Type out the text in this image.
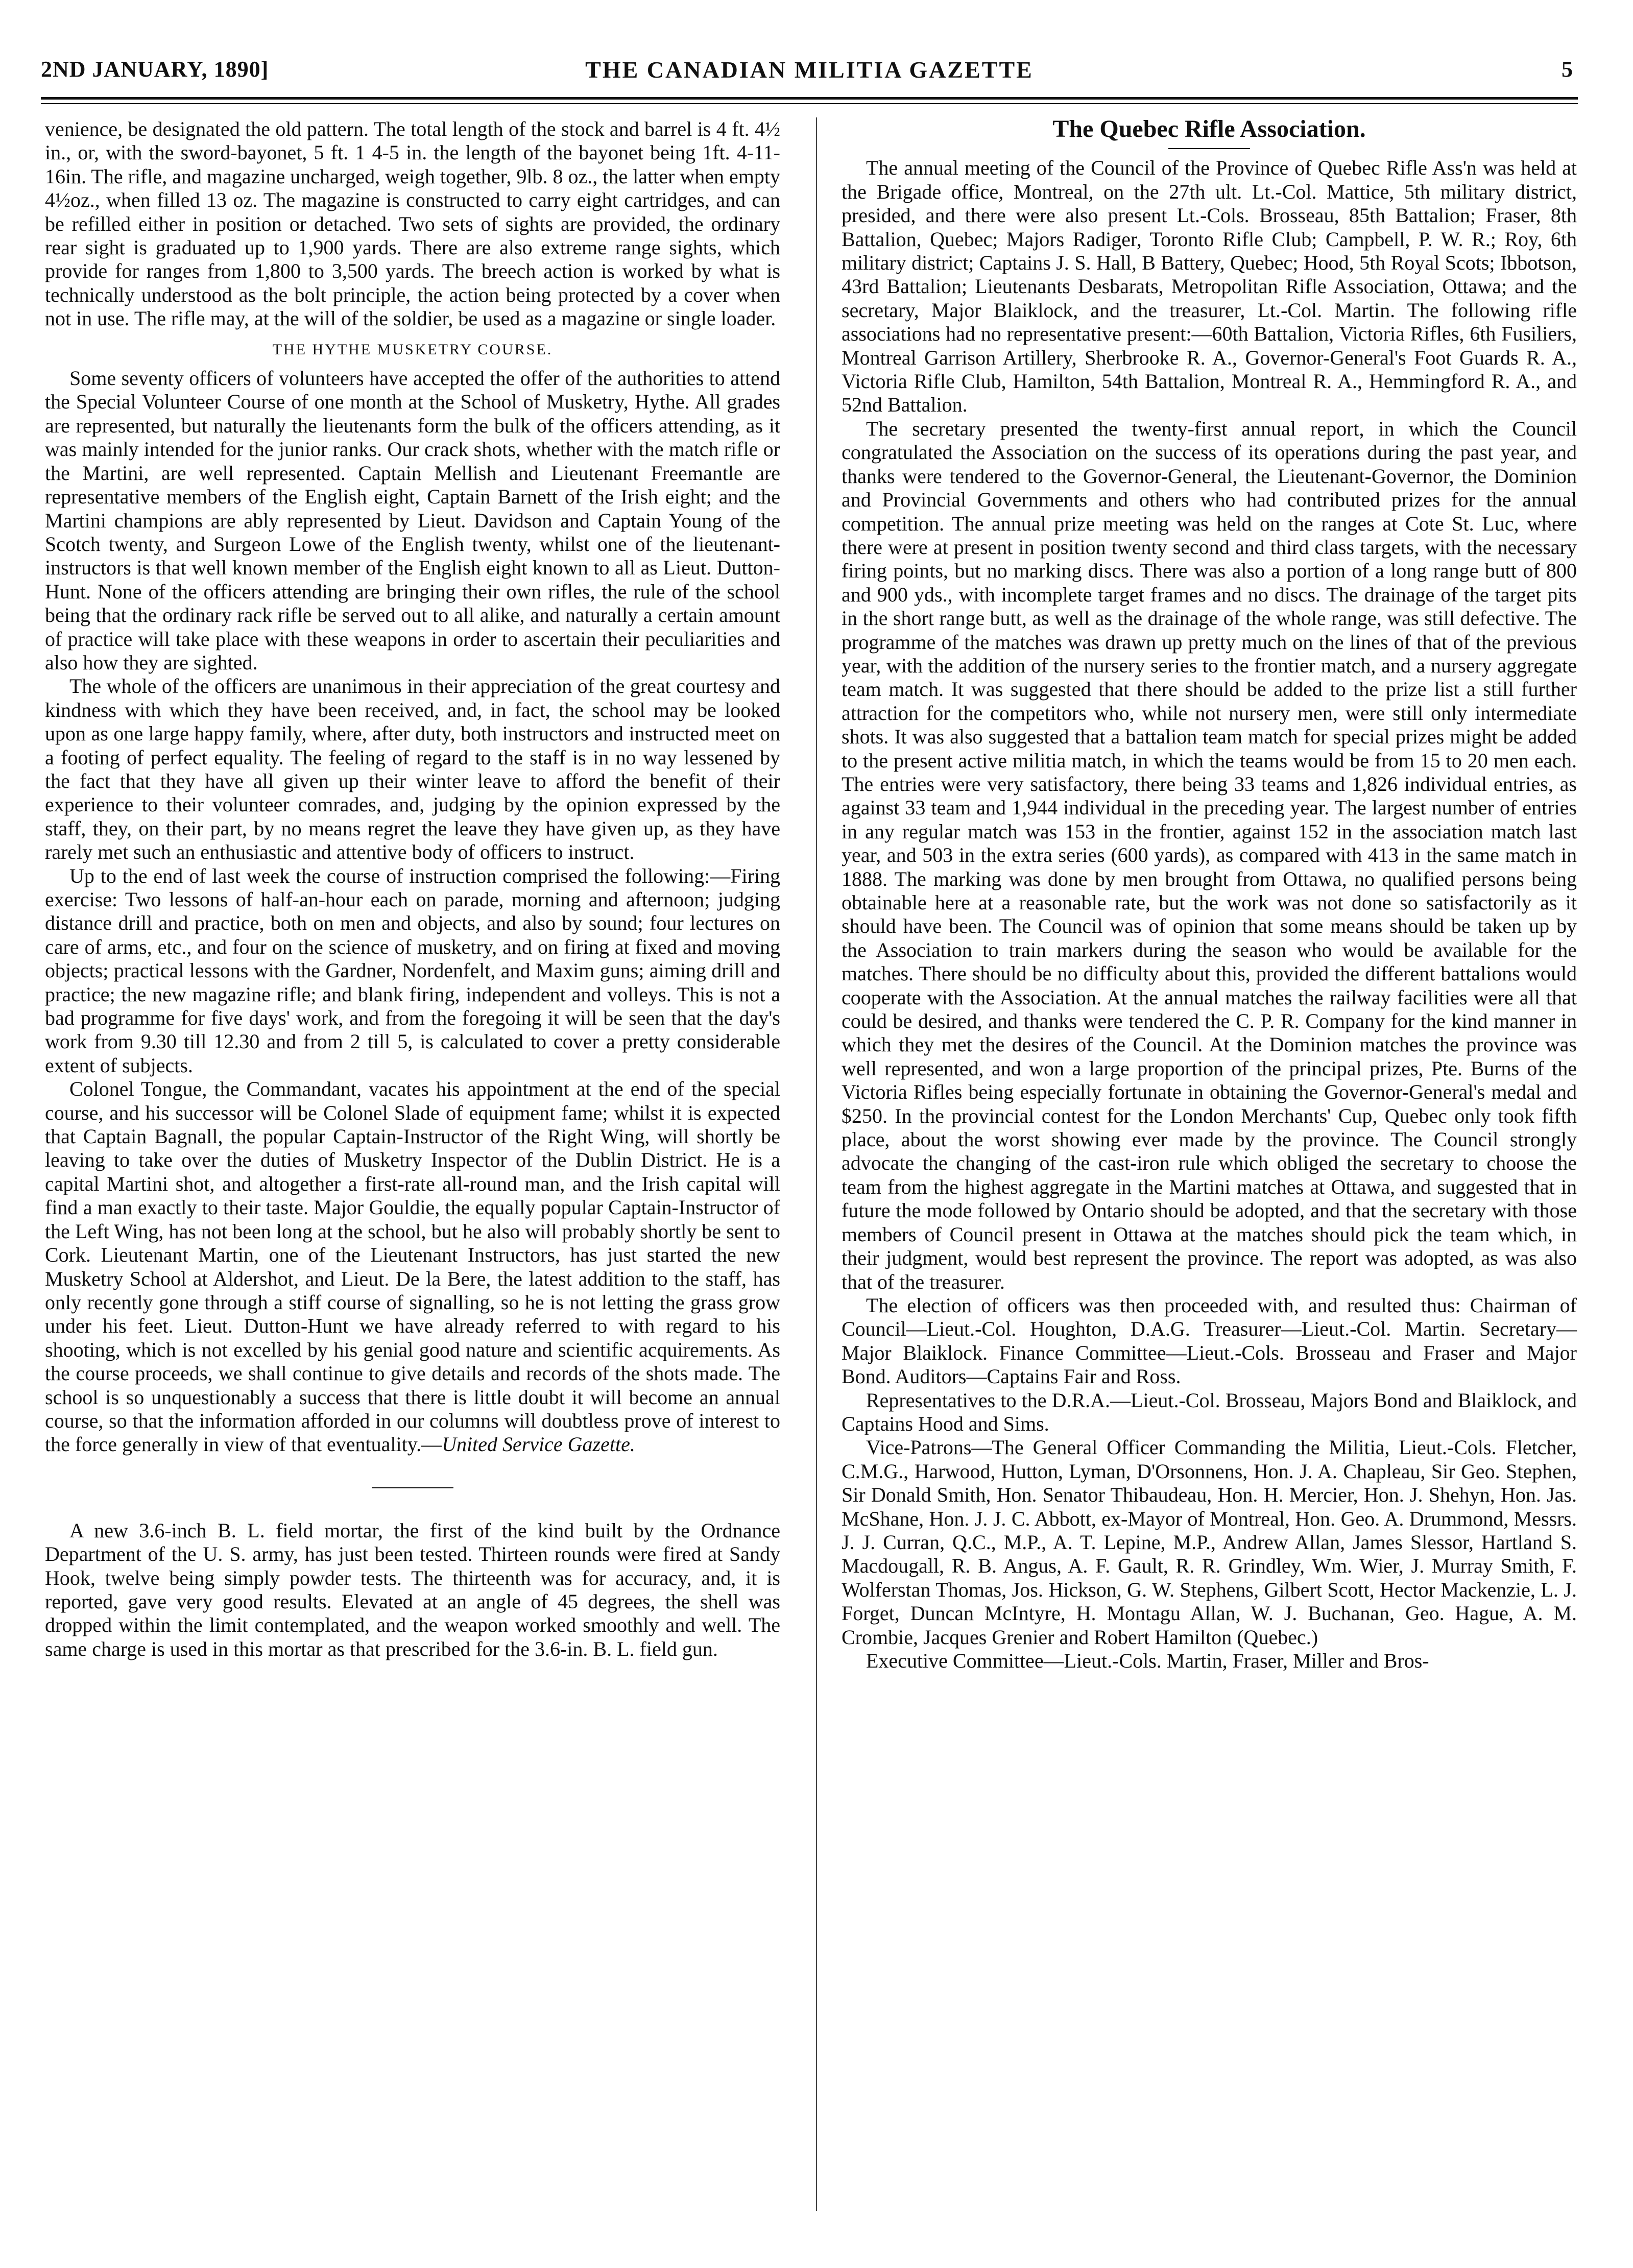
2ND JANUARY, 1890]	THE CANADIAN MILITIA GAZETTE	5

venience, be designated the old pattern. The total length of the stock and barrel is 4 ft. 4½ in., or, with the sword-bayonet, 5 ft. 1 4-5 in. the length of the bayonet being 1ft. 4-11-16in. The rifle, and magazine uncharged, weigh together, 9lb. 8 oz., the latter when empty 4½oz., when filled 13 oz. The magazine is constructed to carry eight cartridges, and can be refilled either in position or detached. Two sets of sights are provided, the ordinary rear sight is graduated up to 1,900 yards. There are also extreme range sights, which provide for ranges from 1,800 to 3,500 yards. The breech action is worked by what is technically understood as the bolt principle, the action being protected by a cover when not in use. The rifle may, at the will of the soldier, be used as a magazine or single loader.

THE HYTHE MUSKETRY COURSE.

Some seventy officers of volunteers have accepted the offer of the authorities to attend the Special Volunteer Course of one month at the School of Musketry, Hythe. All grades are represented, but naturally the lieutenants form the bulk of the officers attending, as it was mainly intended for the junior ranks. Our crack shots, whether with the match rifle or the Martini, are well represented. Captain Mellish and Lieutenant Freemantle are representative members of the English eight, Captain Barnett of the Irish eight; and the Martini champions are ably represented by Lieut. Davidson and Captain Young of the Scotch twenty, and Surgeon Lowe of the English twenty, whilst one of the lieutenant-instructors is that well known member of the English eight known to all as Lieut. Dutton-Hunt. None of the officers attending are bringing their own rifles, the rule of the school being that the ordinary rack rifle be served out to all alike, and naturally a certain amount of practice will take place with these weapons in order to ascertain their peculiarities and also how they are sighted.

The whole of the officers are unanimous in their appreciation of the great courtesy and kindness with which they have been received, and, in fact, the school may be looked upon as one large happy family, where, after duty, both instructors and instructed meet on a footing of perfect equality. The feeling of regard to the staff is in no way lessened by the fact that they have all given up their winter leave to afford the benefit of their experience to their volunteer comrades, and, judging by the opinion expressed by the staff, they, on their part, by no means regret the leave they have given up, as they have rarely met such an enthusiastic and attentive body of officers to instruct.

Up to the end of last week the course of instruction comprised the following:—Firing exercise: Two lessons of half-an-hour each on parade, morning and afternoon; judging distance drill and practice, both on men and objects, and also by sound; four lectures on care of arms, etc., and four on the science of musketry, and on firing at fixed and moving objects; practical lessons with the Gardner, Nordenfelt, and Maxim guns; aiming drill and practice; the new magazine rifle; and blank firing, independent and volleys. This is not a bad programme for five days' work, and from the foregoing it will be seen that the day's work from 9.30 till 12.30 and from 2 till 5, is calculated to cover a pretty considerable extent of subjects.

Colonel Tongue, the Commandant, vacates his appointment at the end of the special course, and his successor will be Colonel Slade of equipment fame; whilst it is expected that Captain Bagnall, the popular Captain-Instructor of the Right Wing, will shortly be leaving to take over the duties of Musketry Inspector of the Dublin District. He is a capital Martini shot, and altogether a first-rate all-round man, and the Irish capital will find a man exactly to their taste. Major Gouldie, the equally popular Captain-Instructor of the Left Wing, has not been long at the school, but he also will probably shortly be sent to Cork. Lieutenant Martin, one of the Lieutenant Instructors, has just started the new Musketry School at Aldershot, and Lieut. De la Bere, the latest addition to the staff, has only recently gone through a stiff course of signalling, so he is not letting the grass grow under his feet. Lieut. Dutton-Hunt we have already referred to with regard to his shooting, which is not excelled by his genial good nature and scientific acquirements. As the course proceeds, we shall continue to give details and records of the shots made. The school is so unquestionably a success that there is little doubt it will become an annual course, so that the information afforded in our columns will doubtless prove of interest to the force generally in view of that eventuality.—United Service Gazette.

A new 3.6-inch B. L. field mortar, the first of the kind built by the Ordnance Department of the U. S. army, has just been tested. Thirteen rounds were fired at Sandy Hook, twelve being simply powder tests. The thirteenth was for accuracy, and, it is reported, gave very good results. Elevated at an angle of 45 degrees, the shell was dropped within the limit contemplated, and the weapon worked smoothly and well. The same charge is used in this mortar as that prescribed for the 3.6-in. B. L. field gun.

The Quebec Rifle Association.

The annual meeting of the Council of the Province of Quebec Rifle Ass'n was held at the Brigade office, Montreal, on the 27th ult. Lt.-Col. Mattice, 5th military district, presided, and there were also present Lt.-Cols. Brosseau, 85th Battalion; Fraser, 8th Battalion, Quebec; Majors Radiger, Toronto Rifle Club; Campbell, P. W. R.; Roy, 6th military district; Captains J. S. Hall, B Battery, Quebec; Hood, 5th Royal Scots; Ibbotson, 43rd Battalion; Lieutenants Desbarats, Metropolitan Rifle Association, Ottawa; and the secretary, Major Blaiklock, and the treasurer, Lt.-Col. Martin. The following rifle associations had no representative present:—60th Battalion, Victoria Rifles, 6th Fusiliers, Montreal Garrison Artillery, Sherbrooke R. A., Governor-General's Foot Guards R. A., Victoria Rifle Club, Hamilton, 54th Battalion, Montreal R. A., Hemmingford R. A., and 52nd Battalion.

The secretary presented the twenty-first annual report, in which the Council congratulated the Association on the success of its operations during the past year, and thanks were tendered to the Governor-General, the Lieutenant-Governor, the Dominion and Provincial Governments and others who had contributed prizes for the annual competition. The annual prize meeting was held on the ranges at Cote St. Luc, where there were at present in position twenty second and third class targets, with the necessary firing points, but no marking discs. There was also a portion of a long range butt of 800 and 900 yds., with incomplete target frames and no discs. The drainage of the target pits in the short range butt, as well as the drainage of the whole range, was still defective. The programme of the matches was drawn up pretty much on the lines of that of the previous year, with the addition of the nursery series to the frontier match, and a nursery aggregate team match. It was suggested that there should be added to the prize list a still further attraction for the competitors who, while not nursery men, were still only intermediate shots. It was also suggested that a battalion team match for special prizes might be added to the present active militia match, in which the teams would be from 15 to 20 men each. The entries were very satisfactory, there being 33 teams and 1,826 individual entries, as against 33 team and 1,944 individual in the preceding year. The largest number of entries in any regular match was 153 in the frontier, against 152 in the association match last year, and 503 in the extra series (600 yards), as compared with 413 in the same match in 1888. The marking was done by men brought from Ottawa, no qualified persons being obtainable here at a reasonable rate, but the work was not done so satisfactorily as it should have been. The Council was of opinion that some means should be taken up by the Association to train markers during the season who would be available for the matches. There should be no difficulty about this, provided the different battalions would cooperate with the Association. At the annual matches the railway facilities were all that could be desired, and thanks were tendered the C. P. R. Company for the kind manner in which they met the desires of the Council. At the Dominion matches the province was well represented, and won a large proportion of the principal prizes, Pte. Burns of the Victoria Rifles being especially fortunate in obtaining the Governor-General's medal and $250. In the provincial contest for the London Merchants' Cup, Quebec only took fifth place, about the worst showing ever made by the province. The Council strongly advocate the changing of the cast-iron rule which obliged the secretary to choose the team from the highest aggregate in the Martini matches at Ottawa, and suggested that in future the mode followed by Ontario should be adopted, and that the secretary with those members of Council present in Ottawa at the matches should pick the team which, in their judgment, would best represent the province. The report was adopted, as was also that of the treasurer.

The election of officers was then proceeded with, and resulted thus: Chairman of Council—Lieut.-Col. Houghton, D.A.G. Treasurer—Lieut.-Col. Martin. Secretary—Major Blaiklock. Finance Committee—Lieut.-Cols. Brosseau and Fraser and Major Bond. Auditors—Captains Fair and Ross.

Representatives to the D.R.A.—Lieut.-Col. Brosseau, Majors Bond and Blaiklock, and Captains Hood and Sims.

Vice-Patrons—The General Officer Commanding the Militia, Lieut.-Cols. Fletcher, C.M.G., Harwood, Hutton, Lyman, D'Orsonnens, Hon. J. A. Chapleau, Sir Geo. Stephen, Sir Donald Smith, Hon. Senator Thibaudeau, Hon. H. Mercier, Hon. J. Shehyn, Hon. Jas. McShane, Hon. J. J. C. Abbott, ex-Mayor of Montreal, Hon. Geo. A. Drummond, Messrs. J. J. Curran, Q.C., M.P., A. T. Lepine, M.P., Andrew Allan, James Slessor, Hartland S. Macdougall, R. B. Angus, A. F. Gault, R. R. Grindley, Wm. Wier, J. Murray Smith, F. Wolferstan Thomas, Jos. Hickson, G. W. Stephens, Gilbert Scott, Hector Mackenzie, L. J. Forget, Duncan McIntyre, H. Montagu Allan, W. J. Buchanan, Geo. Hague, A. M. Crombie, Jacques Grenier and Robert Hamilton (Quebec.)

Executive Committee—Lieut.-Cols. Martin, Fraser, Miller and Bros-
